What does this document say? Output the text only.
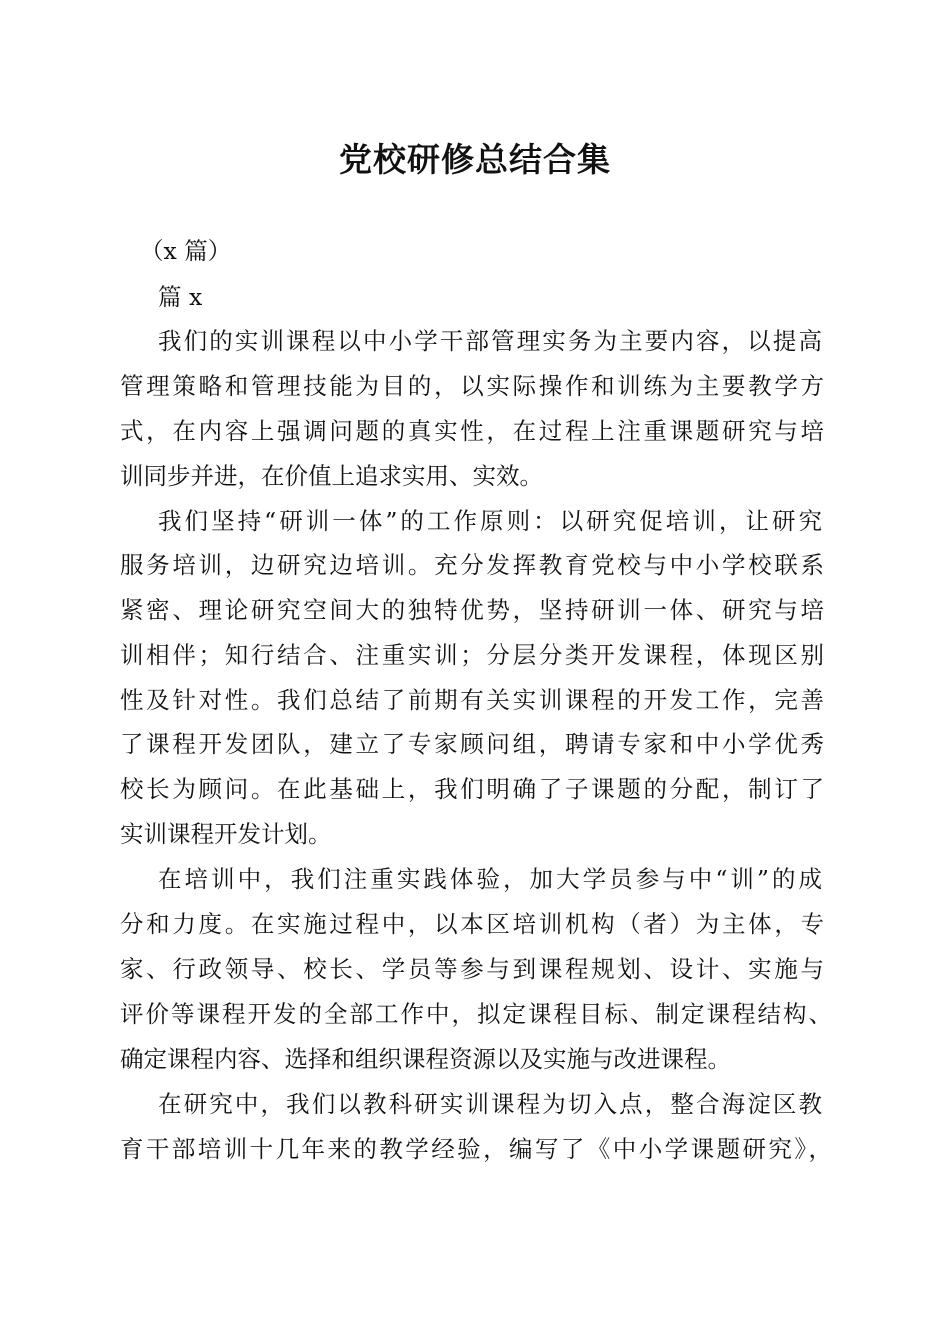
党校研修总结合集

（x 篇）

篇 x

我们的实训课程以中小学干部管理实务为主要内容，以提高

管理策略和管理技能为目的，以实际操作和训练为主要教学方

式，在内容上强调问题的真实性，在过程上注重课题研究与培

训同步并进，在价值上追求实用、实效。

我们坚持“研训一体”的工作原则：以研究促培训，让研究

服务培训，边研究边培训。充分发挥教育党校与中小学校联系

紧密、理论研究空间大的独特优势，坚持研训一体、研究与培

训相伴；知行结合、注重实训；分层分类开发课程，体现区别

性及针对性。我们总结了前期有关实训课程的开发工作，完善

了课程开发团队，建立了专家顾问组，聘请专家和中小学优秀

校长为顾问。在此基础上，我们明确了子课题的分配，制订了

实训课程开发计划。

在培训中，我们注重实践体验，加大学员参与中“训”的成

分和力度。在实施过程中，以本区培训机构（者）为主体，专

家、行政领导、校长、学员等参与到课程规划、设计、实施与

评价等课程开发的全部工作中，拟定课程目标、制定课程结构、

确定课程内容、选择和组织课程资源以及实施与改进课程。

在研究中，我们以教科研实训课程为切入点，整合海淀区教

育干部培训十几年来的教学经验，编写了《中小学课题研究》，
